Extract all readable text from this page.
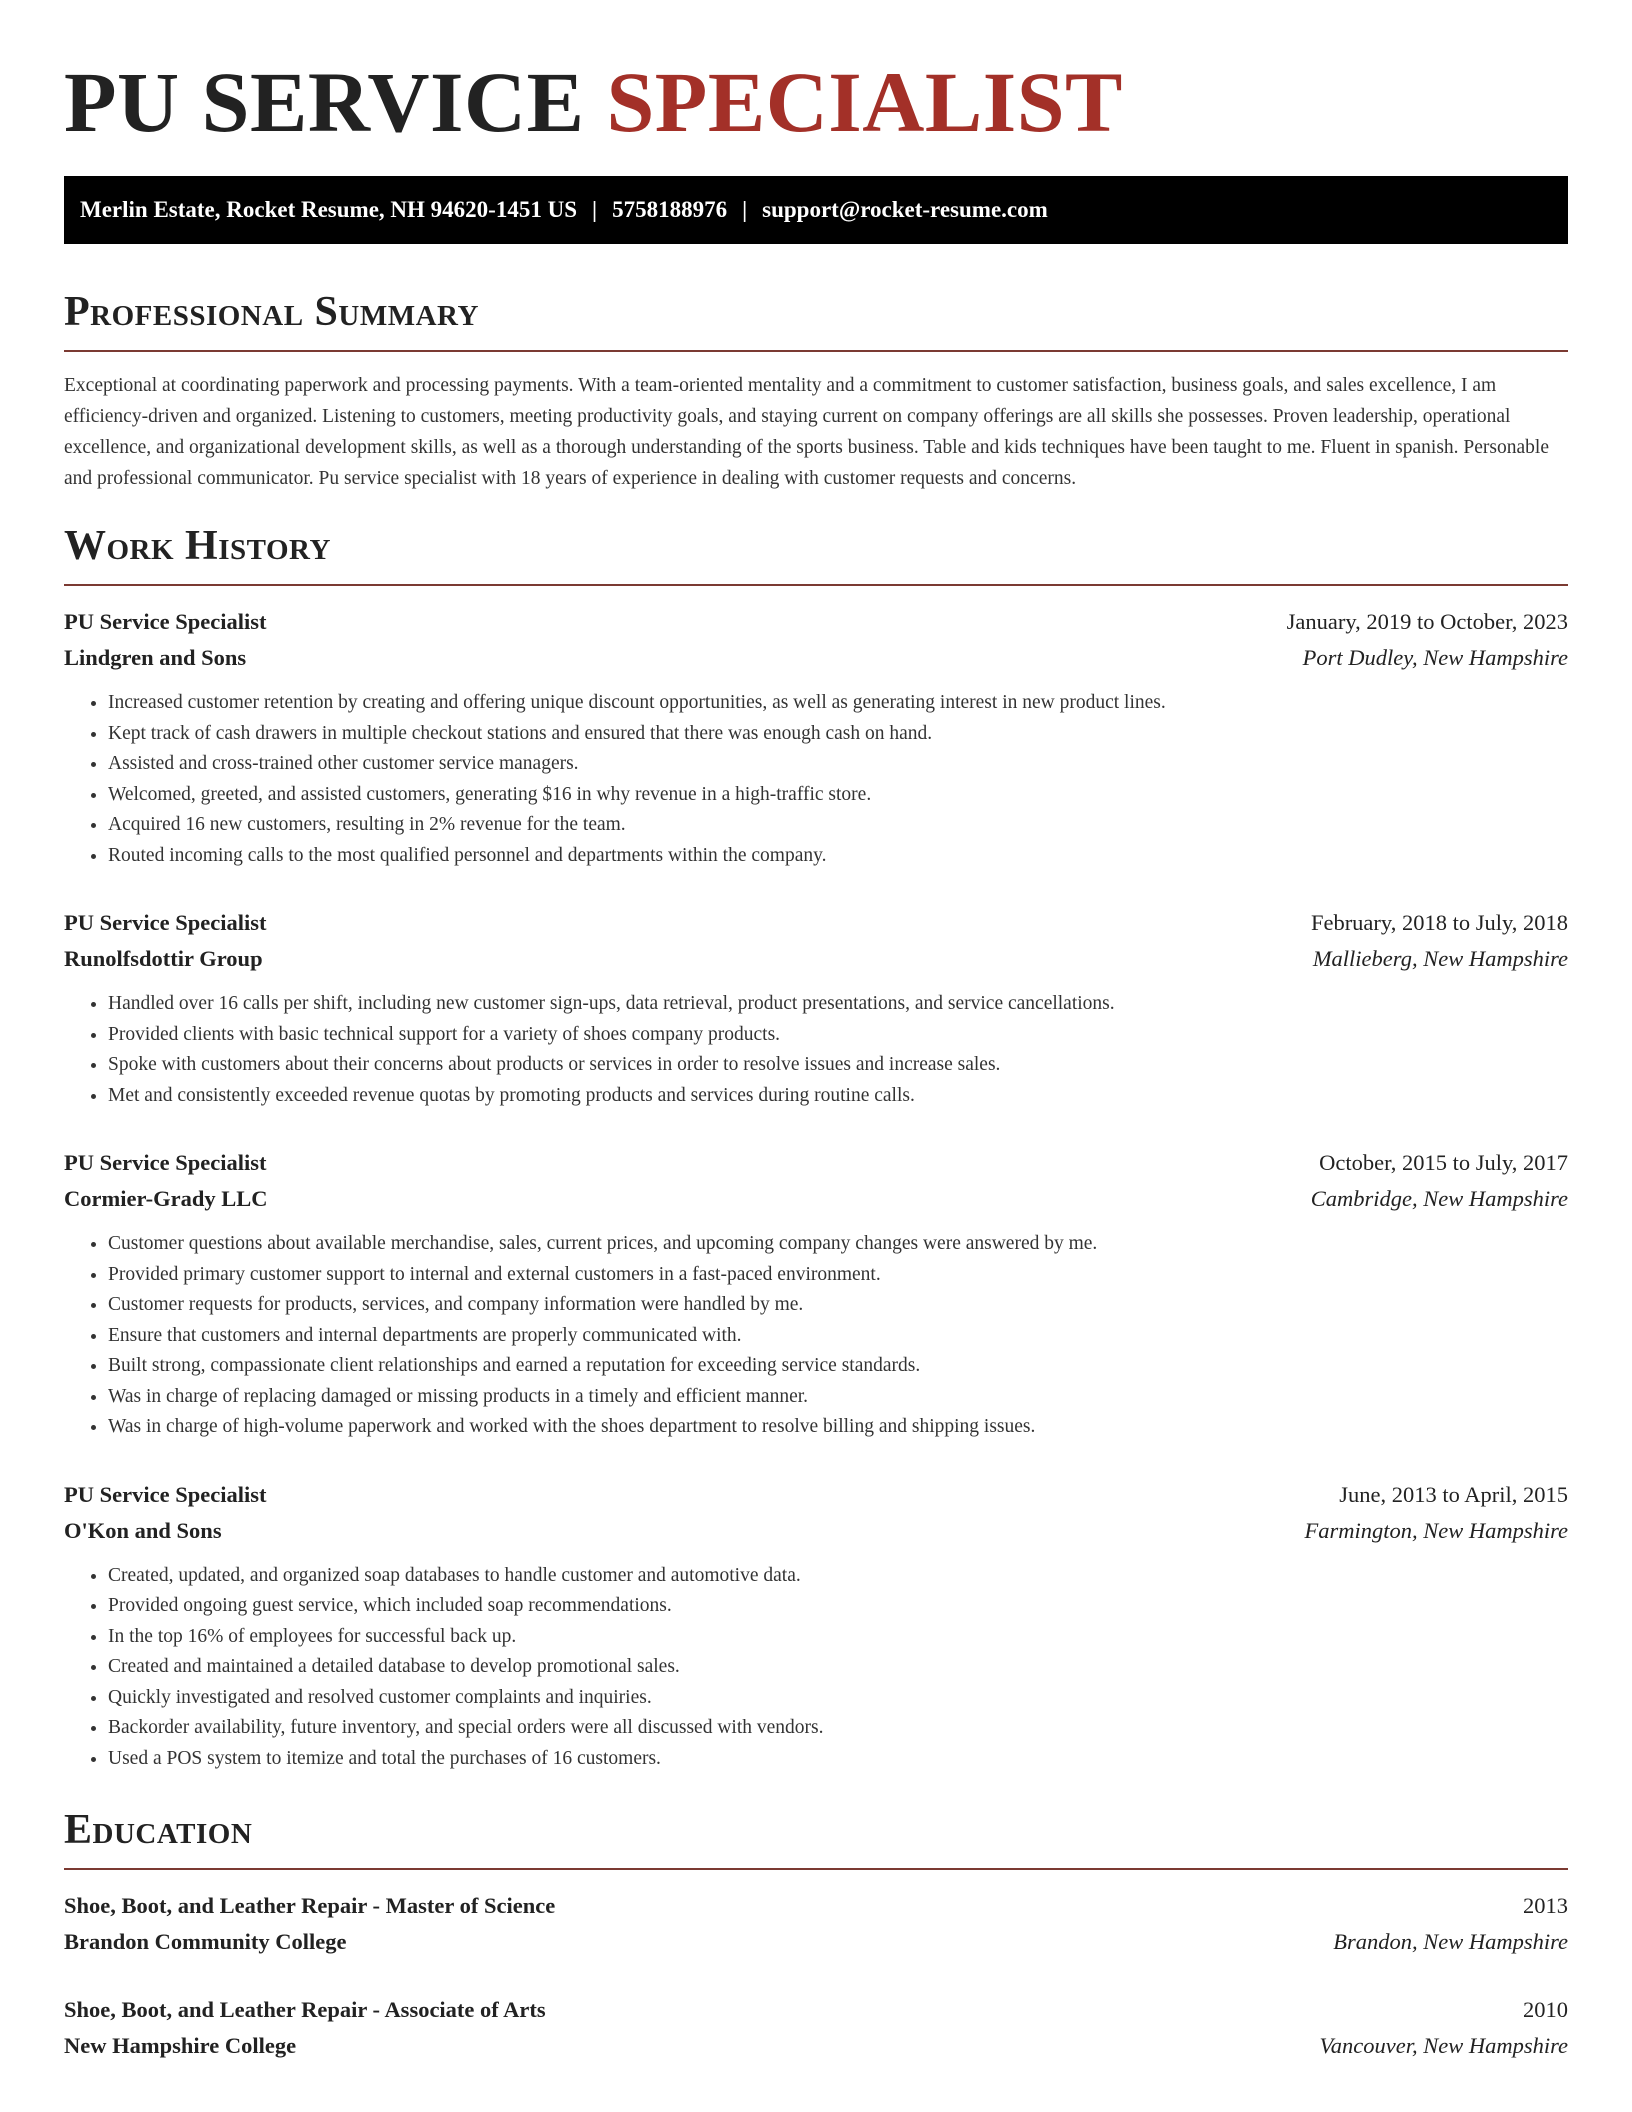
PU SERVICE SPECIALIST
Merlin Estate, Rocket Resume, NH 94620-1451 US | 5758188976 | support@rocket-resume.com
Professional Summary

Exceptional at coordinating paperwork and processing payments. With a team-oriented mentality and a commitment to customer satisfaction, business goals, and sales excellence, I am efficiency-driven and organized. Listening to customers, meeting productivity goals, and staying current on company offerings are all skills she possesses. Proven leadership, operational excellence, and organizational development skills, as well as a thorough understanding of the sports business. Table and kids techniques have been taught to me. Fluent in spanish. Personable and professional communicator. Pu service specialist with 18 years of experience in dealing with customer requests and concerns.

Work History
PU Service Specialist	January, 2019 to October, 2023
Lindgren and Sons	Port Dudley, New Hampshire
• Increased customer retention by creating and offering unique discount opportunities, as well as generating interest in new product lines.
• Kept track of cash drawers in multiple checkout stations and ensured that there was enough cash on hand.
• Assisted and cross-trained other customer service managers.
• Welcomed, greeted, and assisted customers, generating $16 in why revenue in a high-traffic store.
• Acquired 16 new customers, resulting in 2% revenue for the team.
• Routed incoming calls to the most qualified personnel and departments within the company.
PU Service Specialist	February, 2018 to July, 2018
Runolfsdottir Group	Mallieberg, New Hampshire
• Handled over 16 calls per shift, including new customer sign-ups, data retrieval, product presentations, and service cancellations.
• Provided clients with basic technical support for a variety of shoes company products.
• Spoke with customers about their concerns about products or services in order to resolve issues and increase sales.
• Met and consistently exceeded revenue quotas by promoting products and services during routine calls.
PU Service Specialist	October, 2015 to July, 2017
Cormier-Grady LLC	Cambridge, New Hampshire
• Customer questions about available merchandise, sales, current prices, and upcoming company changes were answered by me.
• Provided primary customer support to internal and external customers in a fast-paced environment.
• Customer requests for products, services, and company information were handled by me.
• Ensure that customers and internal departments are properly communicated with.
• Built strong, compassionate client relationships and earned a reputation for exceeding service standards.
• Was in charge of replacing damaged or missing products in a timely and efficient manner.
• Was in charge of high-volume paperwork and worked with the shoes department to resolve billing and shipping issues.
PU Service Specialist	June, 2013 to April, 2015
O'Kon and Sons	Farmington, New Hampshire
• Created, updated, and organized soap databases to handle customer and automotive data.
• Provided ongoing guest service, which included soap recommendations.
• In the top 16% of employees for successful back up.
• Created and maintained a detailed database to develop promotional sales.
• Quickly investigated and resolved customer complaints and inquiries.
• Backorder availability, future inventory, and special orders were all discussed with vendors.
• Used a POS system to itemize and total the purchases of 16 customers.
Education
Shoe, Boot, and Leather Repair - Master of Science	2013
Brandon Community College	Brandon, New Hampshire
Shoe, Boot, and Leather Repair - Associate of Arts	2010
New Hampshire College	Vancouver, New Hampshire
